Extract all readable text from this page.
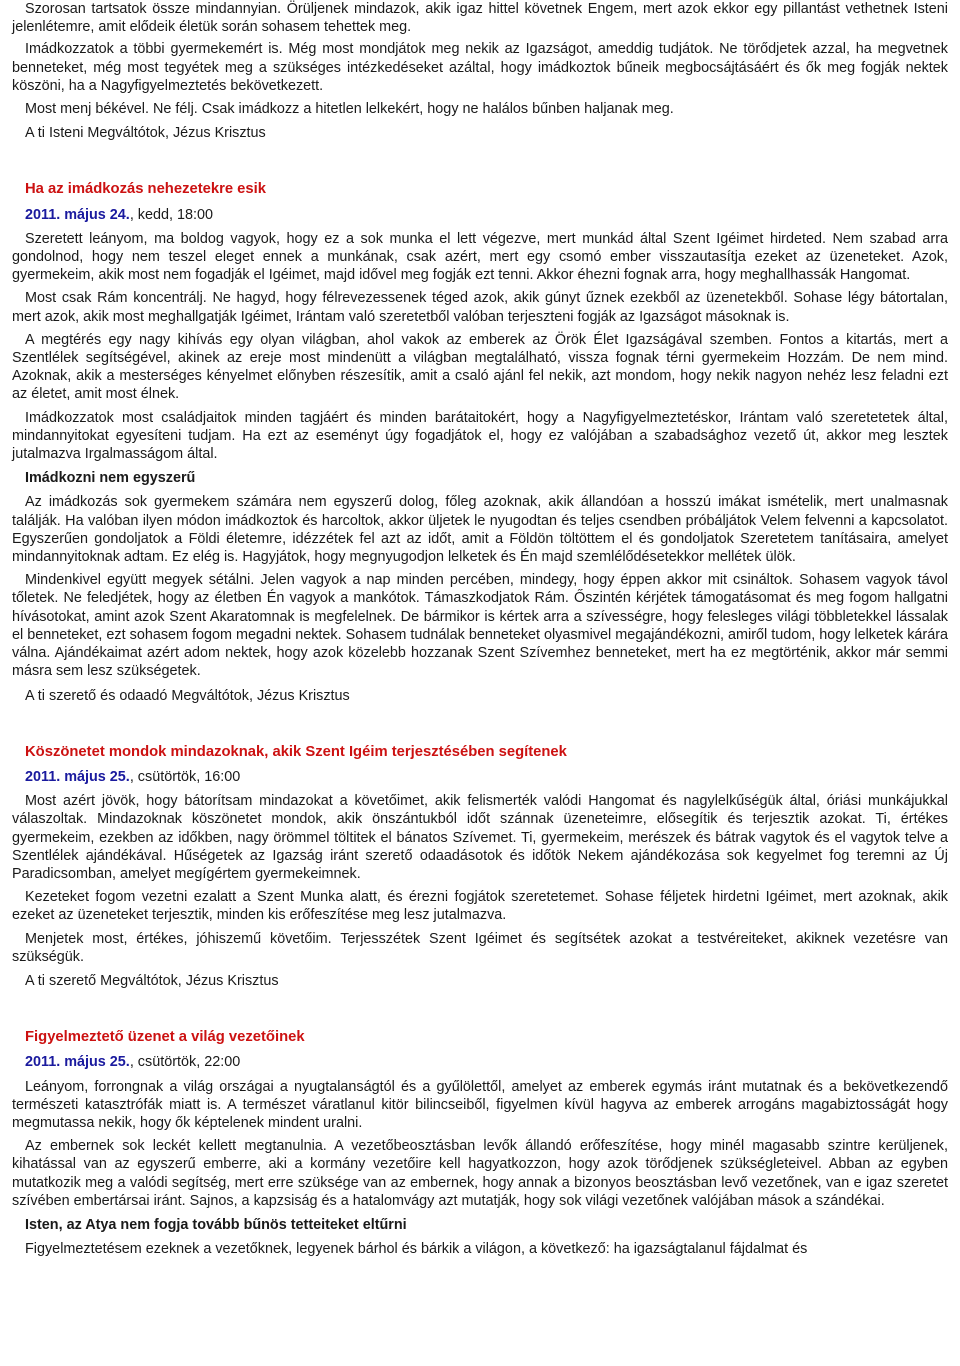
Szorosan tartsatok össze mindannyian. Örüljenek mindazok, akik igaz hittel követnek Engem, mert azok ekkor egy pillantást vethetnek Isteni jelenlétemre, amit elődeik életük során sohasem tehettek meg.

Imádkozzatok a többi gyermekemért is. Még most mondjátok meg nekik az Igazságot, ameddig tudjátok. Ne törődjetek azzal, ha megvetnek benneteket, még most tegyétek meg a szükséges intézkedéseket azáltal, hogy imádkoztok bűneik megbocsájtásáért és ők meg fogják nektek köszöni, ha a Nagyfigyelmeztetés bekövetkezett.

Most menj békével. Ne félj. Csak imádkozz a hitetlen lelkekért, hogy ne halálos bűnben haljanak meg.

A ti Isteni Megváltótok, Jézus Krisztus

Ha az imádkozás nehezetekre esik

2011. május 24., kedd, 18:00

Szeretett leányom, ma boldog vagyok, hogy ez a sok munka el lett végezve, mert munkád által Szent Igéimet hirdeted. Nem szabad arra gondolnod, hogy nem teszel eleget ennek a munkának, csak azért, mert egy csomó ember visszautasítja ezeket az üzeneteket. Azok, gyermekeim, akik most nem fogadják el Igéimet, majd idővel meg fogják ezt tenni. Akkor éhezni fognak arra, hogy meghallhassák Hangomat.

Most csak Rám koncentrálj. Ne hagyd, hogy félrevezessenek téged azok, akik gúnyt űznek ezekből az üzenetekből. Sohase légy bátortalan, mert azok, akik most meghallgatják Igéimet, Irántam való szeretetből valóban terjeszteni fogják az Igazságot másoknak is.

A megtérés egy nagy kihívás egy olyan világban, ahol vakok az emberek az Örök Élet Igazságával szemben. Fontos a kitartás, mert a Szentlélek segítségével, akinek az ereje most mindenütt a világban megtalálható, vissza fognak térni gyermekeim Hozzám. De nem mind. Azoknak, akik a mesterséges kényelmet előnyben részesítik, amit a csaló ajánl fel nekik, azt mondom, hogy nekik nagyon nehéz lesz feladni ezt az életet, amit most élnek.

Imádkozzatok most családjaitok minden tagjáért és minden barátaitokért, hogy a Nagyfigyelmeztetéskor, Irántam való szeretetetek által, mindannyitokat egyesíteni tudjam. Ha ezt az eseményt úgy fogadjátok el, hogy ez valójában a szabadsághoz vezető út, akkor meg lesztek jutalmazva Irgalmasságom által.

Imádkozni nem egyszerű

Az imádkozás sok gyermekem számára nem egyszerű dolog, főleg azoknak, akik állandóan a hosszú imákat ismételik, mert unalmasnak találják. Ha valóban ilyen módon imádkoztok és harcoltok, akkor üljetek le nyugodtan és teljes csendben próbáljátok Velem felvenni a kapcsolatot. Egyszerűen gondoljatok a Földi életemre, idézzétek fel azt az időt, amit a Földön töltöttem el és gondoljatok Szeretetem tanításaira, amelyet mindannyitoknak adtam. Ez elég is. Hagyjátok, hogy megnyugodjon lelketek és Én majd szemlélődésetekkor mellétek ülök.

Mindenkivel együtt megyek sétálni. Jelen vagyok a nap minden percében, mindegy, hogy éppen akkor mit csináltok. Sohasem vagyok távol tőletek. Ne feledjétek, hogy az életben Én vagyok a mankótok. Támaszkodjatok Rám. Őszintén kérjétek támogatásomat és meg fogom hallgatni hívásotokat, amint azok Szent Akaratomnak is megfelelnek. De bármikor is kértek arra a szívességre, hogy felesleges világi többletekkel lássalak el benneteket, ezt sohasem fogom megadni nektek. Sohasem tudnálak benneteket olyasmivel megajándékozni, amiről tudom, hogy lelketek kárára válna. Ajándékaimat azért adom nektek, hogy azok közelebb hozzanak Szent Szívemhez benneteket, mert ha ez megtörténik, akkor már semmi másra sem lesz szükségetek.

A ti szerető és odaadó Megváltótok, Jézus Krisztus

Köszönetet mondok mindazoknak, akik Szent Igéim terjesztésében segítenek

2011. május 25., csütörtök, 16:00

Most azért jövök, hogy bátorítsam mindazokat a követőimet, akik felismerték valódi Hangomat és nagylelkűségük által, óriási munkájukkal válaszoltak. Mindazoknak köszönetet mondok, akik önszántukból időt szánnak üzeneteimre, elősegítik és terjesztik azokat. Ti, értékes gyermekeim, ezekben az időkben, nagy örömmel töltitek el bánatos Szívemet. Ti, gyermekeim, merészek és bátrak vagytok és el vagytok telve a Szentlélek ajándékával. Hűségetek az Igazság iránt szerető odaadásotok és időtök Nekem ajándékozása sok kegyelmet fog teremni az Új Paradicsomban, amelyet megígértem gyermekeimnek.

Kezeteket fogom vezetni ezalatt a Szent Munka alatt, és érezni fogjátok szeretetemet. Sohase féljetek hirdetni Igéimet, mert azoknak, akik ezeket az üzeneteket terjesztik, minden kis erőfeszítése meg lesz jutalmazva.

Menjetek most, értékes, jóhiszemű követőim. Terjesszétek Szent Igéimet és segítsétek azokat a testvéreiteket, akiknek vezetésre van szükségük.

A ti szerető Megváltótok, Jézus Krisztus

Figyelmeztető üzenet a világ vezetőinek

2011. május 25., csütörtök, 22:00

Leányom, forrongnak a világ országai a nyugtalanságtól és a gyűlölettől, amelyet az emberek egymás iránt mutatnak és a bekövetkezendő természeti katasztrófák miatt is. A természet váratlanul kitör bilincseiből, figyelmen kívül hagyva az emberek arrogáns magabiztosságát hogy megmutassa nekik, hogy ők képtelenek mindent uralni.

Az embernek sok leckét kellett megtanulnia. A vezetőbeosztásban levők állandó erőfeszítése, hogy minél magasabb szintre kerüljenek, kihatással van az egyszerű emberre, aki a kormány vezetőire kell hagyatkozzon, hogy azok törődjenek szükségleteivel. Abban az egyben mutatkozik meg a valódi segítség, mert erre szüksége van az embernek, hogy annak a bizonyos beosztásban levő vezetőnek, van e igaz szeretet szívében embertársai iránt. Sajnos, a kapzsiság és a hatalomvágy azt mutatják, hogy sok világi vezetőnek valójában mások a szándékai.

Isten, az Atya nem fogja tovább bűnös tetteiteket eltűrni

Figyelmeztetésem ezeknek a vezetőknek, legyenek bárhol és bárkik a világon, a következő: ha igazságtalanul fájdalmat és
